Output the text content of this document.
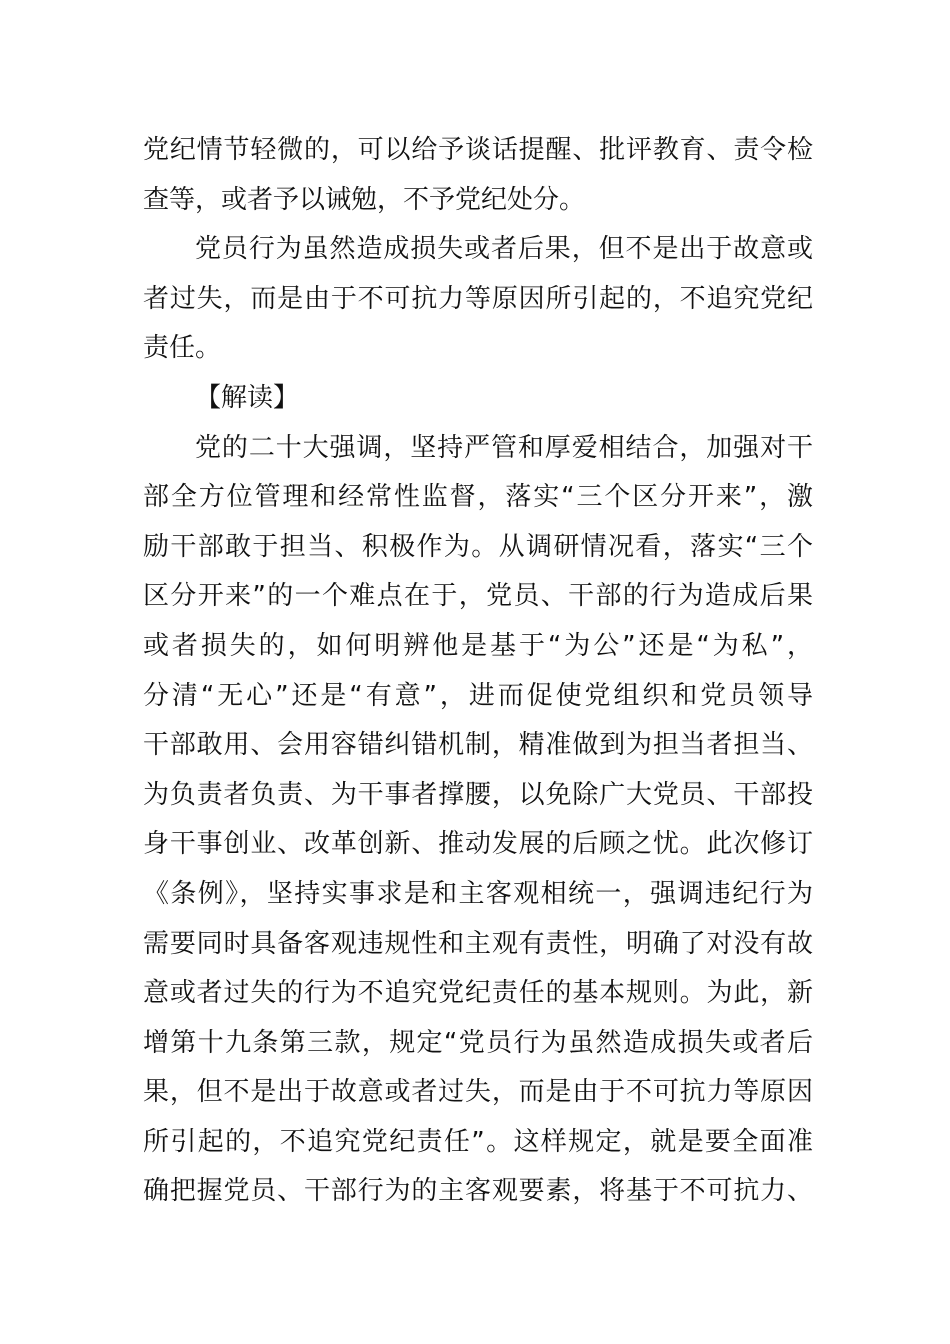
党纪情节轻微的，可以给予谈话提醒、批评教育、责令检
查等，或者予以诫勉，不予党纪处分。
党员行为虽然造成损失或者后果，但不是出于故意或
者过失，而是由于不可抗力等原因所引起的，不追究党纪
责任。
【解读】
党的二十大强调，坚持严管和厚爱相结合，加强对干
部全方位管理和经常性监督，落实“三个区分开来”，激
励干部敢于担当、积极作为。从调研情况看，落实“三个
区分开来”的一个难点在于，党员、干部的行为造成后果
或者损失的，如何明辨他是基于“为公”还是“为私”，
分清“无心”还是“有意”，进而促使党组织和党员领导
干部敢用、会用容错纠错机制，精准做到为担当者担当、
为负责者负责、为干事者撑腰，以免除广大党员、干部投
身干事创业、改革创新、推动发展的后顾之忧。此次修订
《条例》，坚持实事求是和主客观相统一，强调违纪行为
需要同时具备客观违规性和主观有责性，明确了对没有故
意或者过失的行为不追究党纪责任的基本规则。为此，新
增第十九条第三款，规定“党员行为虽然造成损失或者后
果，但不是出于故意或者过失，而是由于不可抗力等原因
所引起的，不追究党纪责任”。这样规定，就是要全面准
确把握党员、干部行为的主客观要素，将基于不可抗力、
